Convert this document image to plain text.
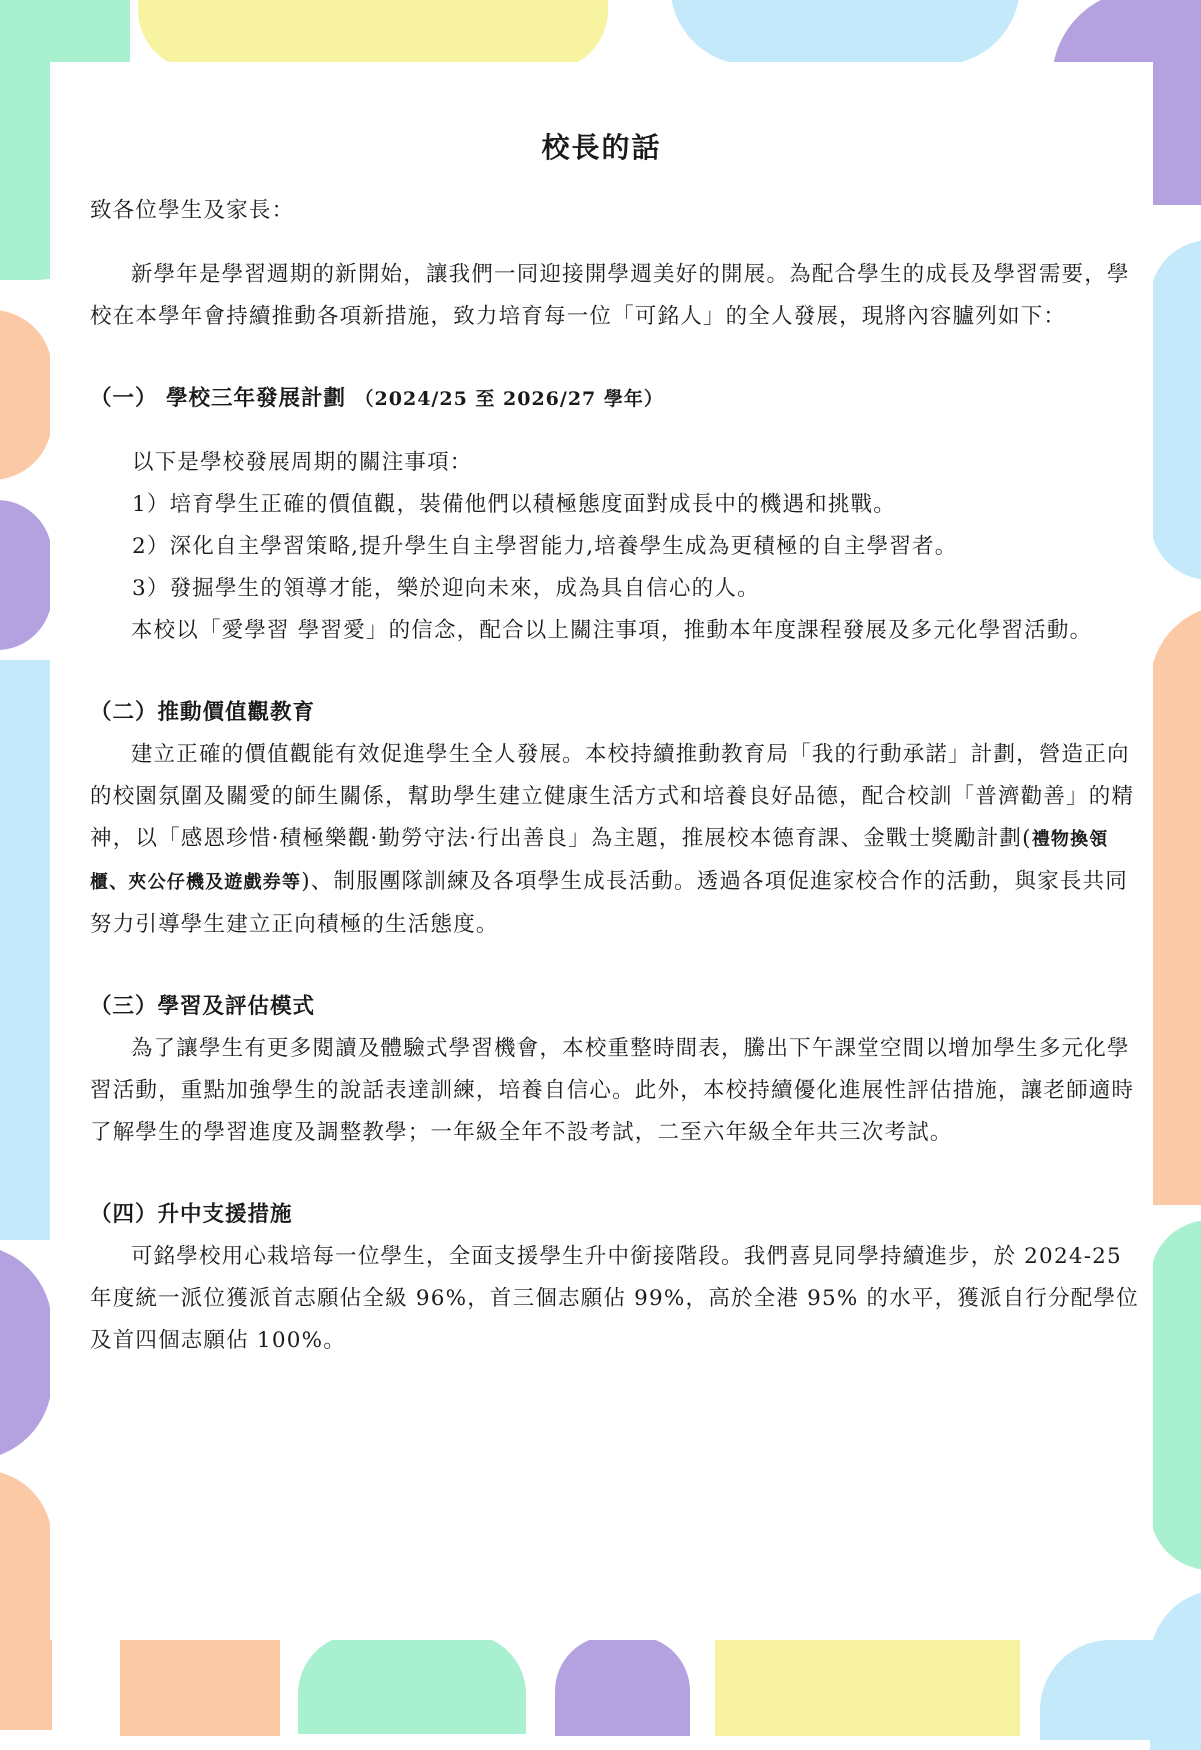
校長的話

致各位學生及家長：

新學年是學習週期的新開始，讓我們一同迎接開學週美好的開展。為配合學生的成長及學習需要，學校在本學年會持續推動各項新措施，致力培育每一位「可銘人」的全人發展，現將內容臚列如下：

（一） 學校三年發展計劃 （2024/25 至 2026/27 學年）

以下是學校發展周期的關注事項：

1）培育學生正確的價值觀，裝備他們以積極態度面對成長中的機遇和挑戰。

2）深化自主學習策略,提升學生自主學習能力,培養學生成為更積極的自主學習者。

3）發掘學生的領導才能，樂於迎向未來，成為具自信心的人。

本校以「愛學習 學習愛」的信念，配合以上關注事項，推動本年度課程發展及多元化學習活動。

（二）推動價值觀教育

建立正確的價值觀能有效促進學生全人發展。本校持續推動教育局「我的行動承諾」計劃，營造正向的校園氛圍及關愛的師生關係，幫助學生建立健康生活方式和培養良好品德，配合校訓「普濟勸善」的精神，以「感恩珍惜·積極樂觀·勤勞守法·行出善良」為主題，推展校本德育課、金戰士獎勵計劃(禮物換領櫃、夾公仔機及遊戲券等)、制服團隊訓練及各項學生成長活動。透過各項促進家校合作的活動，與家長共同努力引導學生建立正向積極的生活態度。

（三）學習及評估模式

為了讓學生有更多閱讀及體驗式學習機會，本校重整時間表，騰出下午課堂空間以增加學生多元化學習活動，重點加強學生的說話表達訓練，培養自信心。此外，本校持續優化進展性評估措施，讓老師適時了解學生的學習進度及調整教學；一年級全年不設考試，二至六年級全年共三次考試。

（四）升中支援措施

可銘學校用心栽培每一位學生，全面支援學生升中銜接階段。我們喜見同學持續進步，於 2024-25 年度統一派位獲派首志願佔全級 96%，首三個志願佔 99%，高於全港 95% 的水平，獲派自行分配學位及首四個志願佔 100%。
